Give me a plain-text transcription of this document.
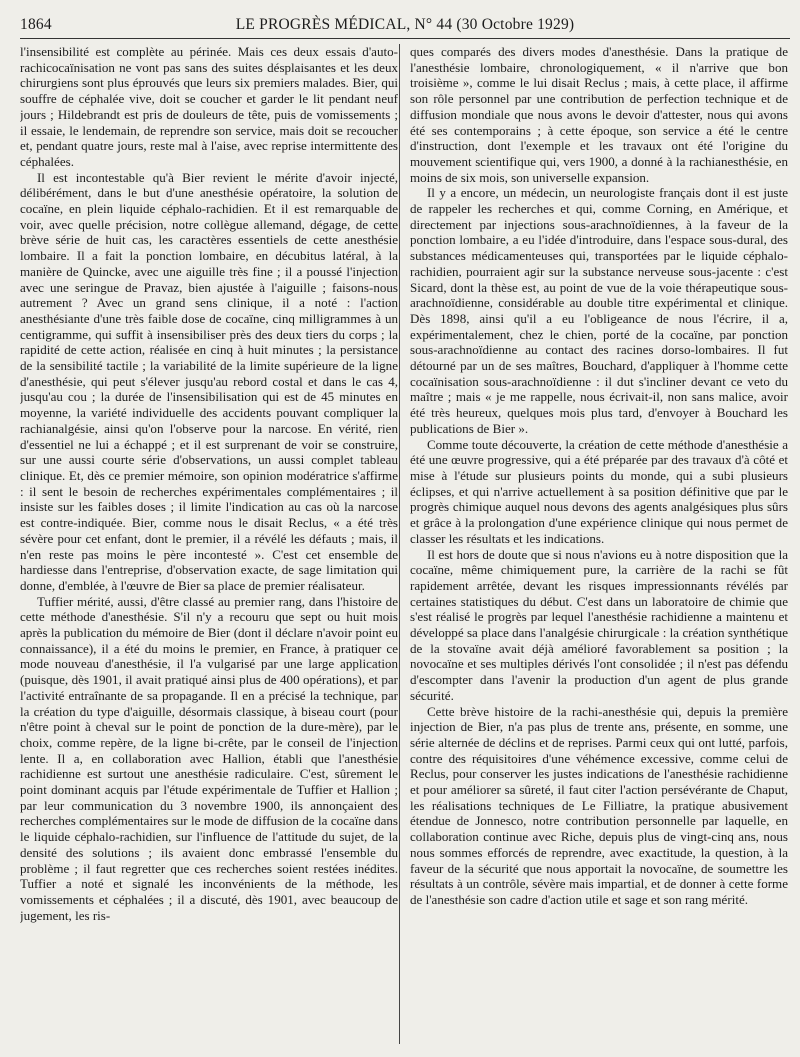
1864	LE PROGRÈS MÉDICAL, N° 44 (30 Octobre 1929)

l'insensibilité est complète au périnée. Mais ces deux essais d'auto-rachicocaïnisation ne vont pas sans des suites désplaisantes et les deux chirurgiens sont plus éprouvés que leurs six premiers malades. Bier, qui souffre de céphalée vive, doit se coucher et garder le lit pendant neuf jours ; Hildebrandt est pris de douleurs de tête, puis de vomissements ; il essaie, le lendemain, de reprendre son service, mais doit se recoucher et, pendant quatre jours, reste mal à l'aise, avec reprise intermittente des céphalées.

Il est incontestable qu'à Bier revient le mérite d'avoir injecté, délibérément, dans le but d'une anesthésie opératoire, la solution de cocaïne, en plein liquide céphalo-rachidien. Et il est remarquable de voir, avec quelle précision, notre collègue allemand, dégage, de cette brève série de huit cas, les caractères essentiels de cette anesthésie lombaire. Il a fait la ponction lombaire, en décubitus latéral, à la manière de Quincke, avec une aiguille très fine ; il a poussé l'injection avec une seringue de Pravaz, bien ajustée à l'aiguille ; faisons-nous autrement ? Avec un grand sens clinique, il a noté : l'action anesthésiante d'une très faible dose de cocaïne, cinq milligrammes à un centigramme, qui suffit à insensibiliser près des deux tiers du corps ; la rapidité de cette action, réalisée en cinq à huit minutes ; la persistance de la sensibilité tactile ; la variabilité de la limite supérieure de la ligne d'anesthésie, qui peut s'élever jusqu'au rebord costal et dans le cas 4, jusqu'au cou ; la durée de l'insensibilisation qui est de 45 minutes en moyenne, la variété individuelle des accidents pouvant compliquer la rachianalgésie, ainsi qu'on l'observe pour la narcose. En vérité, rien d'essentiel ne lui a échappé ; et il est surprenant de voir se construire, sur une aussi courte série d'observations, un aussi complet tableau clinique. Et, dès ce premier mémoire, son opinion modératrice s'affirme : il sent le besoin de recherches expérimentales complémentaires ; il insiste sur les faibles doses ; il limite l'indication au cas où la narcose est contre-indiquée. Bier, comme nous le disait Reclus, « a été très sévère pour cet enfant, dont le premier, il a révélé les défauts ; mais, il n'en reste pas moins le père incontesté ». C'est cet ensemble de hardiesse dans l'entreprise, d'observation exacte, de sage limitation qui donne, d'emblée, à l'œuvre de Bier sa place de premier réalisateur.

Tuffier mérité, aussi, d'être classé au premier rang, dans l'histoire de cette méthode d'anesthésie. S'il n'y a recouru que sept ou huit mois après la publication du mémoire de Bier (dont il déclare n'avoir point eu connaissance), il a été du moins le premier, en France, à pratiquer ce mode nouveau d'anesthésie, il l'a vulgarisé par une large application (puisque, dès 1901, il avait pratiqué ainsi plus de 400 opérations), et par l'activité entraînante de sa propagande. Il en a précisé la technique, par la création du type d'aiguille, désormais classique, à biseau court (pour n'être point à cheval sur le point de ponction de la dure-mère), par le choix, comme repère, de la ligne bi-crête, par le conseil de l'injection lente. Il a, en collaboration avec Hallion, établi que l'anesthésie rachidienne est surtout une anesthésie radiculaire. C'est, sûrement le point dominant acquis par l'étude expérimentale de Tuffier et Hallion ; par leur communication du 3 novembre 1900, ils annonçaient des recherches complémentaires sur le mode de diffusion de la cocaïne dans le liquide céphalo-rachidien, sur l'influence de l'attitude du sujet, de la densité des solutions ; ils avaient donc embrassé l'ensemble du problème ; il faut regretter que ces recherches soient restées inédites. Tuffier a noté et signalé les inconvénients de la méthode, les vomissements et céphalées ; il a discuté, dès 1901, avec beaucoup de jugement, les ris-

ques comparés des divers modes d'anesthésie. Dans la pratique de l'anesthésie lombaire, chronologiquement, « il n'arrive que bon troisième », comme le lui disait Reclus ; mais, à cette place, il affirme son rôle personnel par une contribution de perfection technique et de diffusion mondiale que nous avons le devoir d'attester, nous qui avons été ses contemporains ; à cette époque, son service a été le centre d'instruction, dont l'exemple et les travaux ont été l'origine du mouvement scientifique qui, vers 1900, a donné à la rachianesthésie, en moins de six mois, son universelle expansion.

Il y a encore, un médecin, un neurologiste français dont il est juste de rappeler les recherches et qui, comme Corning, en Amérique, et directement par injections sous-arachnoïdiennes, à la faveur de la ponction lombaire, a eu l'idée d'introduire, dans l'espace sous-dural, des substances médicamenteuses qui, transportées par le liquide céphalo-rachidien, pourraient agir sur la substance nerveuse sous-jacente : c'est Sicard, dont la thèse est, au point de vue de la voie thérapeutique sous-arachnoïdienne, considérable au double titre expérimental et clinique. Dès 1898, ainsi qu'il a eu l'obligeance de nous l'écrire, il a, expérimentalement, chez le chien, porté de la cocaïne, par ponction sous-arachnoïdienne au contact des racines dorso-lombaires. Il fut détourné par un de ses maîtres, Bouchard, d'appliquer à l'homme cette cocaïnisation sous-arachnoïdienne : il dut s'incliner devant ce veto du maître ; mais « je me rappelle, nous écrivait-il, non sans malice, avoir été très heureux, quelques mois plus tard, d'envoyer à Bouchard les publications de Bier ».

Comme toute découverte, la création de cette méthode d'anesthésie a été une œuvre progressive, qui a été préparée par des travaux d'à côté et mise à l'étude sur plusieurs points du monde, qui a subi plusieurs éclipses, et qui n'arrive actuellement à sa position définitive que par le progrès chimique auquel nous devons des agents analgésiques plus sûrs et grâce à la prolongation d'une expérience clinique qui nous permet de classer les résultats et les indications.

Il est hors de doute que si nous n'avions eu à notre disposition que la cocaïne, même chimiquement pure, la carrière de la rachi se fût rapidement arrêtée, devant les risques impressionnants révélés par certaines statistiques du début. C'est dans un laboratoire de chimie que s'est réalisé le progrès par lequel l'anesthésie rachidienne a maintenu et développé sa place dans l'analgésie chirurgicale : la création synthétique de la stovaïne avait déjà amélioré favorablement sa position ; la novocaïne et ses multiples dérivés l'ont consolidée ; il n'est pas défendu d'escompter dans l'avenir la production d'un agent de plus grande sécurité.

Cette brève histoire de la rachi-anesthésie qui, depuis la première injection de Bier, n'a pas plus de trente ans, présente, en somme, une série alternée de déclins et de reprises. Parmi ceux qui ont lutté, parfois, contre des réquisitoires d'une véhémence excessive, comme celui de Reclus, pour conserver les justes indications de l'anesthésie rachidienne et pour améliorer sa sûreté, il faut citer l'action persévérante de Chaput, les réalisations techniques de Le Filliatre, la pratique abusivement étendue de Jonnesco, notre contribution personnelle par laquelle, en collaboration continue avec Riche, depuis plus de vingt-cinq ans, nous nous sommes efforcés de reprendre, avec exactitude, la question, à la faveur de la sécurité que nous apportait la novocaïne, de soumettre les résultats à un contrôle, sévère mais impartial, et de donner à cette forme de l'anesthésie son cadre d'action utile et sage et son rang mérité.
